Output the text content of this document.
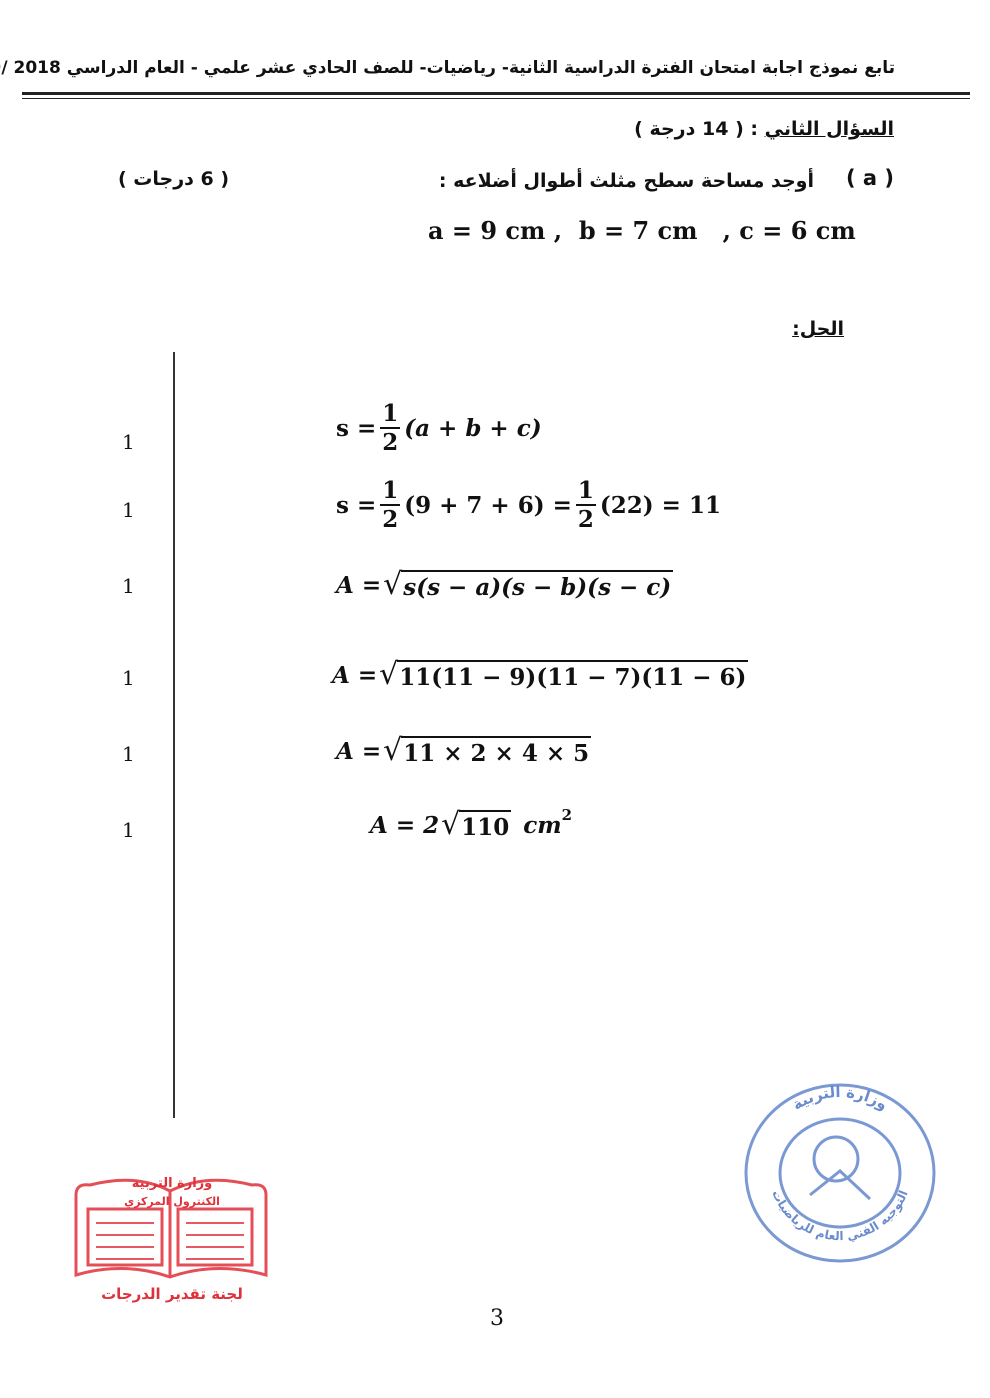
تابع نموذج اجابة امتحان الفترة الدراسية الثانية- رياضيات- للصف الحادي عشر علمي - العام الدراسي 2018 /
السؤال الثاني : ( 14 درجة )
( a )
أوجد مساحة سطح مثلث أطوال أضلاعه :
( 6 درجات )
a = 9 cm ,  b = 7 cm   , c = 6 cm
الحل:
1
1
1
1
1
1
$s = \frac{1}{2} (a + b + c)$
$s = \frac{1}{2} (9 + 7 + 6) = \frac{1}{2} (22) = 11$
A = √ s(s − a)(s − b)(s − c)
A = √ 11(11 − 9)(11 − 7)(11 − 6)
A = √ 11 × 2 × 4 × 5
A = 2 √ 110 $cm^2$
3
وزارة التربية
الكنترول المركزي
لجنة تقدير الدرجات
وزارة التربية
التوجيه الفني العام للرياضيات
